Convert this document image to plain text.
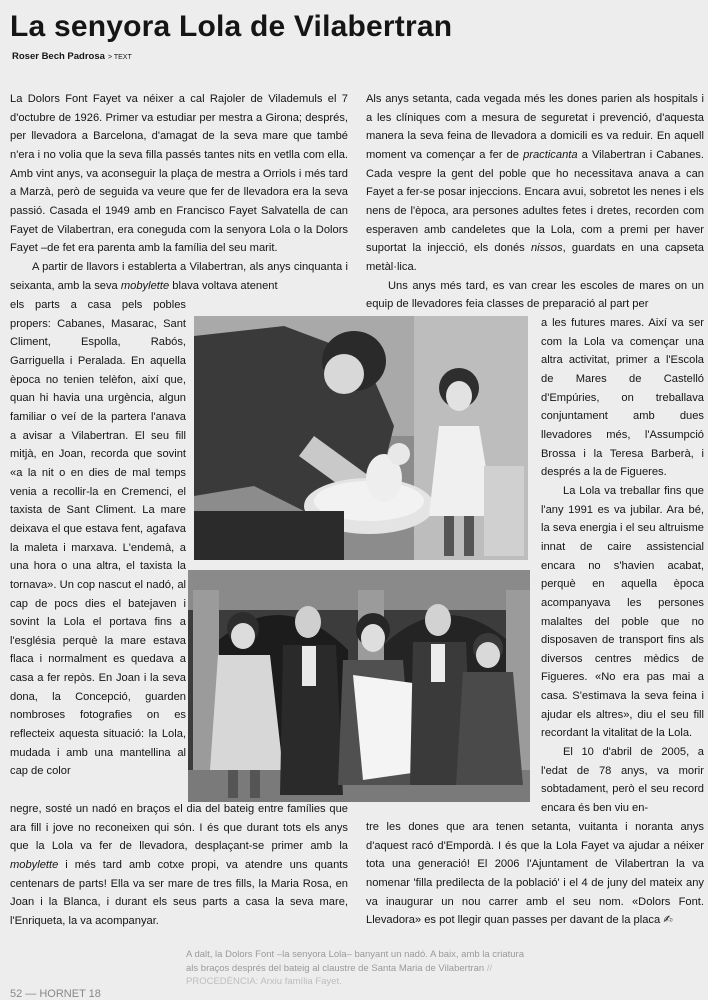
La senyora Lola de Vilabertran
Roser Bech Padrosa > TEXT

La Dolors Font Fayet va néixer a cal Rajoler de Vilademuls el 7 d'octubre de 1926. Primer va estudiar per mestra a Girona; després, per llevadora a Barcelona, d'amagat de la seva mare que també n'era i no volia que la seva filla passés tantes nits en vetlla com ella. Amb vint anys, va aconseguir la plaça de mestra a Orriols i més tard a Marzà, però de seguida va veure que fer de llevadora era la seva passió. Casada el 1949 amb en Francisco Fayet Salvatella de can Fayet de Vilabertran, era coneguda com la senyora Lola o la Dolors Fayet –de fet era parenta amb la família del seu marit.

A partir de llavors i establerta a Vilabertran, als anys cinquanta i seixanta, amb la seva mobylette blava voltava atenent

els parts a casa pels pobles propers: Cabanes, Masarac, Sant Climent, Espolla, Rabós, Garriguella i Peralada. En aquella època no tenien telèfon, així que, quan hi havia una urgència, algun familiar o veí de la partera l'anava a avisar a Vilabertran. El seu fill mitjà, en Joan, recorda que sovint «a la nit o en dies de mal temps venia a recollir-la en Cremenci, el taxista de Sant Climent. La mare deixava el que estava fent, agafava la maleta i marxava. L'endemà, a una hora o una altra, el taxista la tornava». Un cop nascut el nadó, al cap de pocs dies el batejaven i sovint la Lola el portava fins a l'església perquè la mare estava flaca i normalment es quedava a casa a fer repòs. En Joan i la seva dona, la Concepció, guarden nombroses fotografies on es reflecteix aquesta situació: la Lola, mudada i amb una mantellina al cap de color

negre, sosté un nadó en braços el dia del bateig entre famílies que ara fill i jove no reconeixen qui són. I és que durant tots els anys que la Lola va fer de llevadora, desplaçant-se primer amb la mobylette i més tard amb cotxe propi, va atendre uns quants centenars de parts! Ella va ser mare de tres fills, la Maria Rosa, en Joan i la Blanca, i durant els seus parts a casa la seva mare, l'Enriqueta, la va acompanyar.

Als anys setanta, cada vegada més les dones parien als hospitals i a les clíniques com a mesura de seguretat i prevenció, d'aquesta manera la seva feina de llevadora a domicili es va reduir. En aquell moment va començar a fer de practicanta a Vilabertran i Cabanes. Cada vespre la gent del poble que ho necessitava anava a can Fayet a fer-se posar injeccions. Encara avui, sobretot les nenes i els nens de l'època, ara persones adultes fetes i dretes, recorden com esperaven amb candeletes que la Lola, com a premi per haver suportat la injecció, els donés nissos, guardats en una capseta metàl·lica.

Uns anys més tard, es van crear les escoles de mares on un equip de llevadores feia classes de preparació al part per

a les futures mares. Així va ser com la Lola va començar una altra activitat, primer a l'Escola de Mares de Castelló d'Empúries, on treballava conjuntament amb dues llevadores més, l'Assumpció Brossa i la Teresa Barberà, i després a la de Figueres.

La Lola va treballar fins que l'any 1991 es va jubilar. Ara bé, la seva energia i el seu altruisme innat de caire assistencial encara no s'havien acabat, perquè en aquella època acompanyava les persones malaltes del poble que no disposaven de transport fins als diversos centres mèdics de Figueres. «No era pas mai a casa. S'estimava la seva feina i ajudar els altres», diu el seu fill recordant la vitalitat de la Lola.

El 10 d'abril de 2005, a l'edat de 78 anys, va morir sobtadament, però el seu record encara és ben viu en-

tre les dones que ara tenen setanta, vuitanta i noranta anys d'aquest racó d'Empordà. I és que la Lola Fayet va ajudar a néixer tota una generació! El 2006 l'Ajuntament de Vilabertran la va nomenar 'filla predilecta de la població' i el 4 de juny del mateix any va inaugurar un nou carrer amb el seu nom. «Dolors Font. Llevadora» es pot llegir quan passes per davant de la placa ✍

A dalt, la Dolors Font –la senyora Lola– banyant un nadó. A baix, amb la criatura als braços després del bateig al claustre de Santa Maria de Vilabertran // PROCEDÈNCIA: Arxiu família Fayet.
52 — HORNET 18
